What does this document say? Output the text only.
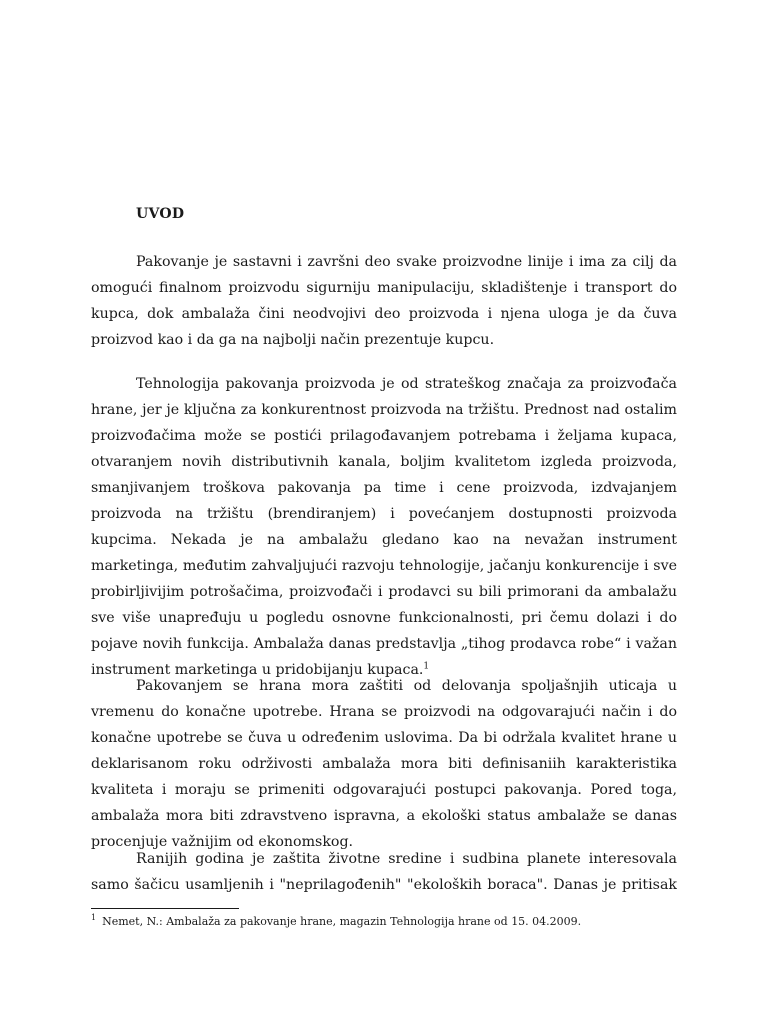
UVOD

Pakovanje je sastavni i završni deo svake proizvodne linije i ima za cilj da omogući finalnom proizvodu sigurniju manipulaciju, skladištenje i transport do kupca, dok ambalaža čini neodvojivi deo proizvoda i njena uloga je da čuva proizvod kao i da ga na najbolji način prezentuje kupcu.

Tehnologija pakovanja proizvoda je od strateškog značaja za proizvođača hrane, jer je ključna za konkurentnost proizvoda na tržištu. Prednost nad ostalim proizvođačima može se postići prilagođavanjem potrebama i željama kupaca, otvaranjem novih distributivnih kanala, boljim kvalitetom izgleda proizvoda, smanjivanjem troškova pakovanja pa time i cene proizvoda, izdvajanjem proizvoda na tržištu (brendiranjem) i povećanjem dostupnosti proizvoda kupcima. Nekada je na ambalažu gledano kao na nevažan instrument marketinga, međutim zahvaljujući razvoju tehnologije, jačanju konkurencije i sve probirljivijim potrošačima, proizvođači i prodavci su bili primorani da ambalažu sve više unapređuju u pogledu osnovne funkcionalnosti, pri čemu dolazi i do pojave novih funkcija. Ambalaža danas predstavlja „tihog prodavca robe“ i važan instrument marketinga u pridobijanju kupaca.$^1$

Pakovanjem se hrana mora zaštiti od delovanja spoljašnjih uticaja u vremenu do konačne upotrebe. Hrana se proizvodi na odgovarajući način i do konačne upotrebe se čuva u određenim uslovima. Da bi održala kvalitet hrane u deklarisanom roku održivosti ambalaža mora biti definisaniih karakteristika kvaliteta i moraju se primeniti odgovarajući postupci pakovanja. Pored toga, ambalaža mora biti zdravstveno ispravna, a ekološki status ambalaže se danas procenjuje važnijim od ekonomskog.

Ranijih godina je zaštita životne sredine i sudbina planete interesovala samo šačicu usamljenih i "neprilagođenih" "ekoloških boraca". Danas je pritisak

$^1$ Nemet, N.: Ambalaža za pakovanje hrane, magazin Tehnologija hrane od 15. 04.2009.
